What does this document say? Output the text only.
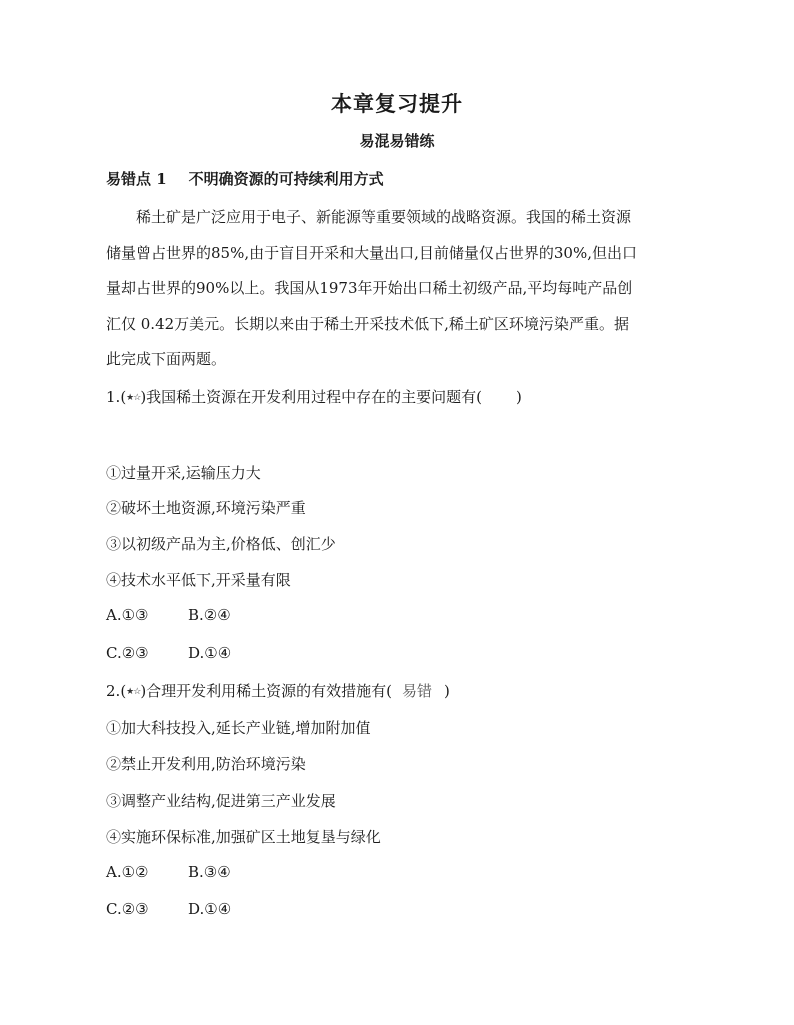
本章复习提升
易混易错练
易错点 1 不明确资源的可持续利用方式
稀土矿是广泛应用于电子、新能源等重要领域的战略资源。我国的稀土资源
储量曾占世界的85%,由于盲目开采和大量出口,目前储量仅占世界的30%,但出口
量却占世界的90%以上。我国从1973年开始出口稀土初级产品,平均每吨产品创
汇仅 0.42万美元。长期以来由于稀土开采技术低下,稀土矿区环境污染严重。据
此完成下面两题。
1.(★☆)我国稀土资源在开发利用过程中存在的主要问题有( )
①过量开采,运输压力大
②破坏土地资源,环境污染严重
③以初级产品为主,价格低、创汇少
④技术水平低下,开采量有限
A.①③	B.②④
C.②③	D.①④
2.(★☆)合理开发利用稀土资源的有效措施有( 易错 )
①加大科技投入,延长产业链,增加附加值
②禁止开发利用,防治环境污染
③调整产业结构,促进第三产业发展
④实施环保标准,加强矿区土地复垦与绿化
A.①②	B.③④
C.②③	D.①④
